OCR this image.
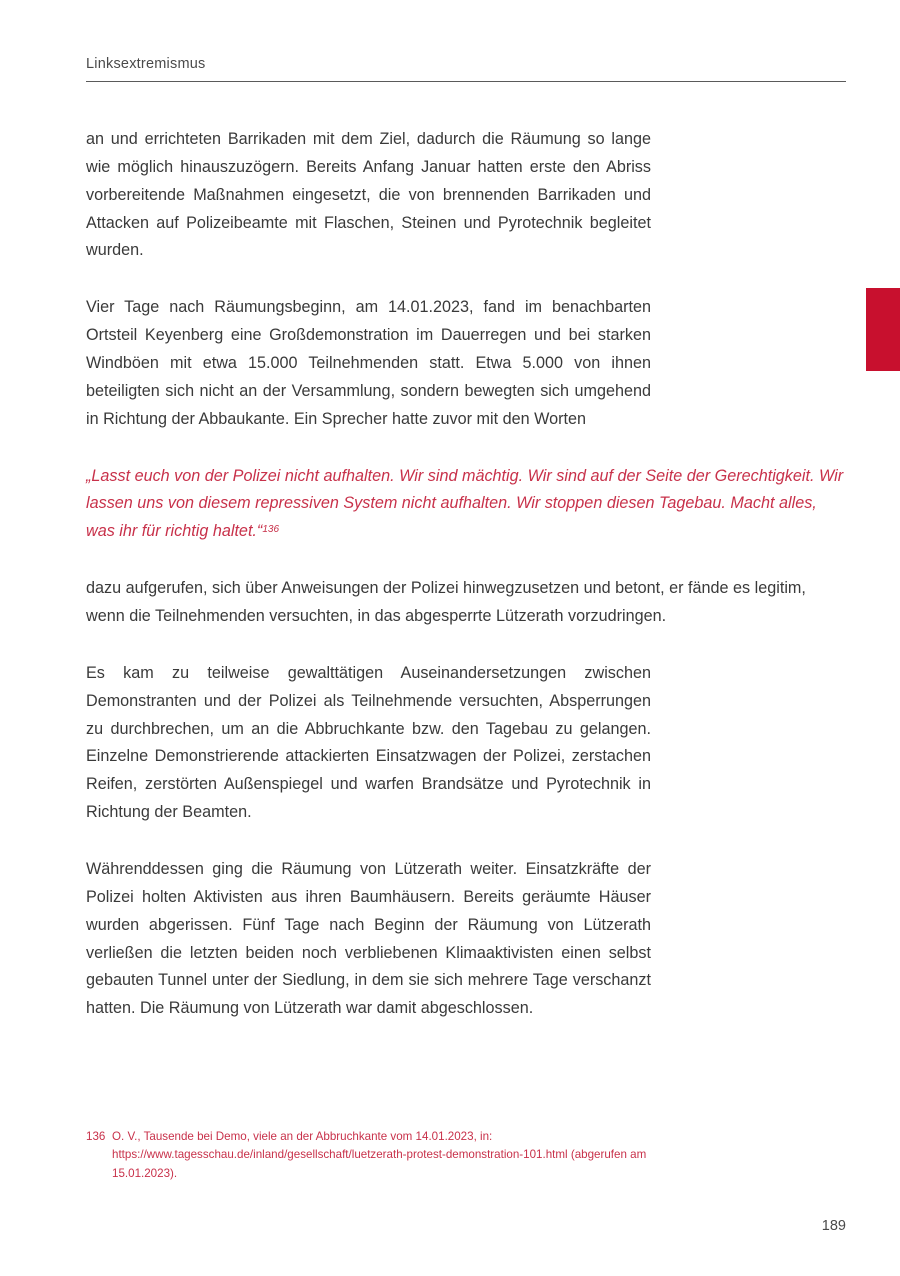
Linksextremismus

an und errichteten Barrikaden mit dem Ziel, dadurch die Räumung so lange wie möglich hinauszuzögern. Bereits Anfang Januar hatten erste den Abriss vorbereitende Maßnahmen eingesetzt, die von brennenden Barrikaden und Attacken auf Polizeibeamte mit Flaschen, Steinen und Pyrotechnik begleitet wurden.

Vier Tage nach Räumungsbeginn, am 14.01.2023, fand im benachbarten Ortsteil Keyenberg eine Großdemonstration im Dauerregen und bei starken Windböen mit etwa 15.000 Teilnehmenden statt. Etwa 5.000 von ihnen beteiligten sich nicht an der Versammlung, sondern bewegten sich umgehend in Richtung der Abbaukante. Ein Sprecher hatte zuvor mit den Worten

„Lasst euch von der Polizei nicht aufhalten. Wir sind mächtig. Wir sind auf der Seite der Gerechtigkeit. Wir lassen uns von diesem repressiven System nicht aufhalten. Wir stoppen diesen Tagebau. Macht alles, was ihr für richtig haltet.“$^{136}$

dazu aufgerufen, sich über Anweisungen der Polizei hinwegzusetzen und betont, er fände es legitim, wenn die Teilnehmenden versuchten, in das abgesperrte Lützerath vorzudringen.

Es kam zu teilweise gewalttätigen Auseinandersetzungen zwischen Demonstranten und der Polizei als Teilnehmende versuchten, Absperrungen zu durchbrechen, um an die Abbruchkante bzw. den Tagebau zu gelangen. Einzelne Demonstrierende attackierten Einsatzwagen der Polizei, zerstachen Reifen, zerstörten Außenspiegel und warfen Brandsätze und Pyrotechnik in Richtung der Beamten.

Währenddessen ging die Räumung von Lützerath weiter. Einsatzkräfte der Polizei holten Aktivisten aus ihren Baumhäusern. Bereits geräumte Häuser wurden abgerissen. Fünf Tage nach Beginn der Räumung von Lützerath verließen die letzten beiden noch verbliebenen Klimaaktivisten einen selbst gebauten Tunnel unter der Siedlung, in dem sie sich mehrere Tage verschanzt hatten. Die Räumung von Lützerath war damit abgeschlossen.

136 O. V., Tausende bei Demo, viele an der Abbruchkante vom 14.01.2023, in: https://www.tagesschau.de/inland/gesellschaft/luetzerath-protest-demonstration-101.html (abgerufen am 15.01.2023).
189
